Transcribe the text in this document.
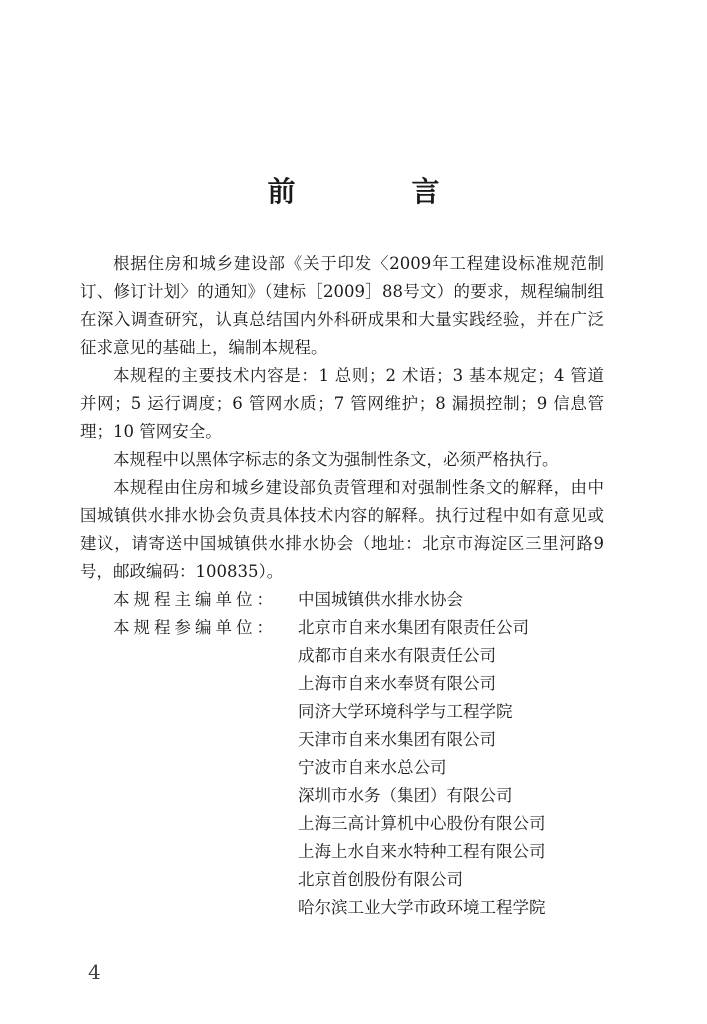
前　言

根据住房和城乡建设部《关于印发〈2009年工程建设标准规范制订、修订计划〉的通知》（建标［2009］88号文）的要求，规程编制组在深入调查研究，认真总结国内外科研成果和大量实践经验，并在广泛征求意见的基础上，编制本规程。

本规程的主要技术内容是：1 总则；2 术语；3 基本规定；4 管道并网；5 运行调度；6 管网水质；7 管网维护；8 漏损控制；9 信息管理；10 管网安全。

本规程中以黑体字标志的条文为强制性条文，必须严格执行。

本规程由住房和城乡建设部负责管理和对强制性条文的解释，由中国城镇供水排水协会负责具体技术内容的解释。执行过程中如有意见或建议，请寄送中国城镇供水排水协会（地址：北京市海淀区三里河路9号，邮政编码：100835）。

本规程主编单位：	中国城镇供水排水协会
本规程参编单位：	北京市自来水集团有限责任公司
成都市自来水有限责任公司
上海市自来水奉贤有限公司
同济大学环境科学与工程学院
天津市自来水集团有限公司
宁波市自来水总公司
深圳市水务（集团）有限公司
上海三高计算机中心股份有限公司
上海上水自来水特种工程有限公司
北京首创股份有限公司
哈尔滨工业大学市政环境工程学院
4
